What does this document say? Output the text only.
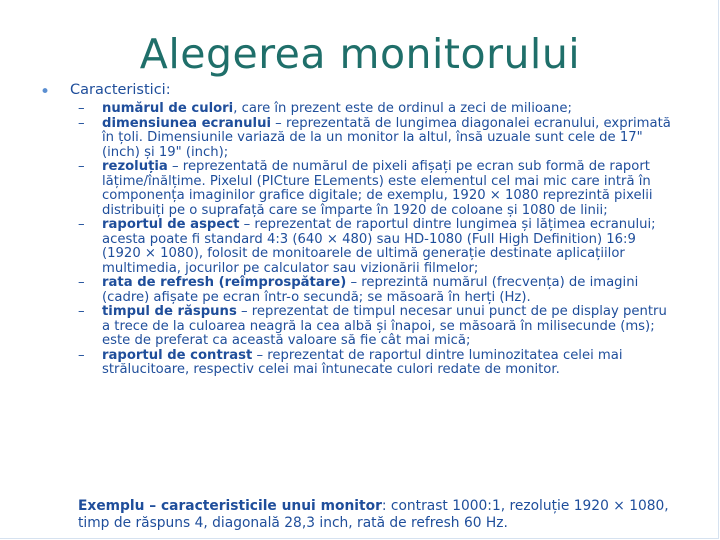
Alegerea monitorului
• Caracteristici:
– numărul de culori, care în prezent este de ordinul a zeci de milioane;
– dimensiunea ecranului – reprezentată de lungimea diagonalei ecranului, exprimată în țoli. Dimensiunile variază de la un monitor la altul, însă uzuale sunt cele de 17" (inch) și 19" (inch);
– rezoluția – reprezentată de numărul de pixeli afișați pe ecran sub formă de raport lățime/înălțime. Pixelul (PICture ELements) este elementul cel mai mic care intră în componența imaginilor grafice digitale; de exemplu, 1920 × 1080 reprezintă pixelii distribuiți pe o suprafață care se împarte în 1920 de coloane și 1080 de linii;
– raportul de aspect – reprezentat de raportul dintre lungimea și lățimea ecranului; acesta poate fi standard 4:3 (640 × 480) sau HD-1080 (Full High Definition) 16:9 (1920 × 1080), folosit de monitoarele de ultimă generație destinate aplicațiilor multimedia, jocurilor pe calculator sau vizionării filmelor;
– rata de refresh (reîmprospătare) – reprezintă numărul (frecvența) de imagini (cadre) afișate pe ecran într-o secundă; se măsoară în herți (Hz).
– timpul de răspuns – reprezentat de timpul necesar unui punct de pe display pentru a trece de la culoarea neagră la cea albă și înapoi, se măsoară în milisecunde (ms); este de preferat ca această valoare să fie cât mai mică;
– raportul de contrast – reprezentat de raportul dintre luminozitatea celei mai strălucitoare, respectiv celei mai întunecate culori redate de monitor.
Exemplu – caracteristicile unui monitor: contrast 1000:1, rezoluție 1920 × 1080, timp de răspuns 4, diagonală 28,3 inch, rată de refresh 60 Hz.
